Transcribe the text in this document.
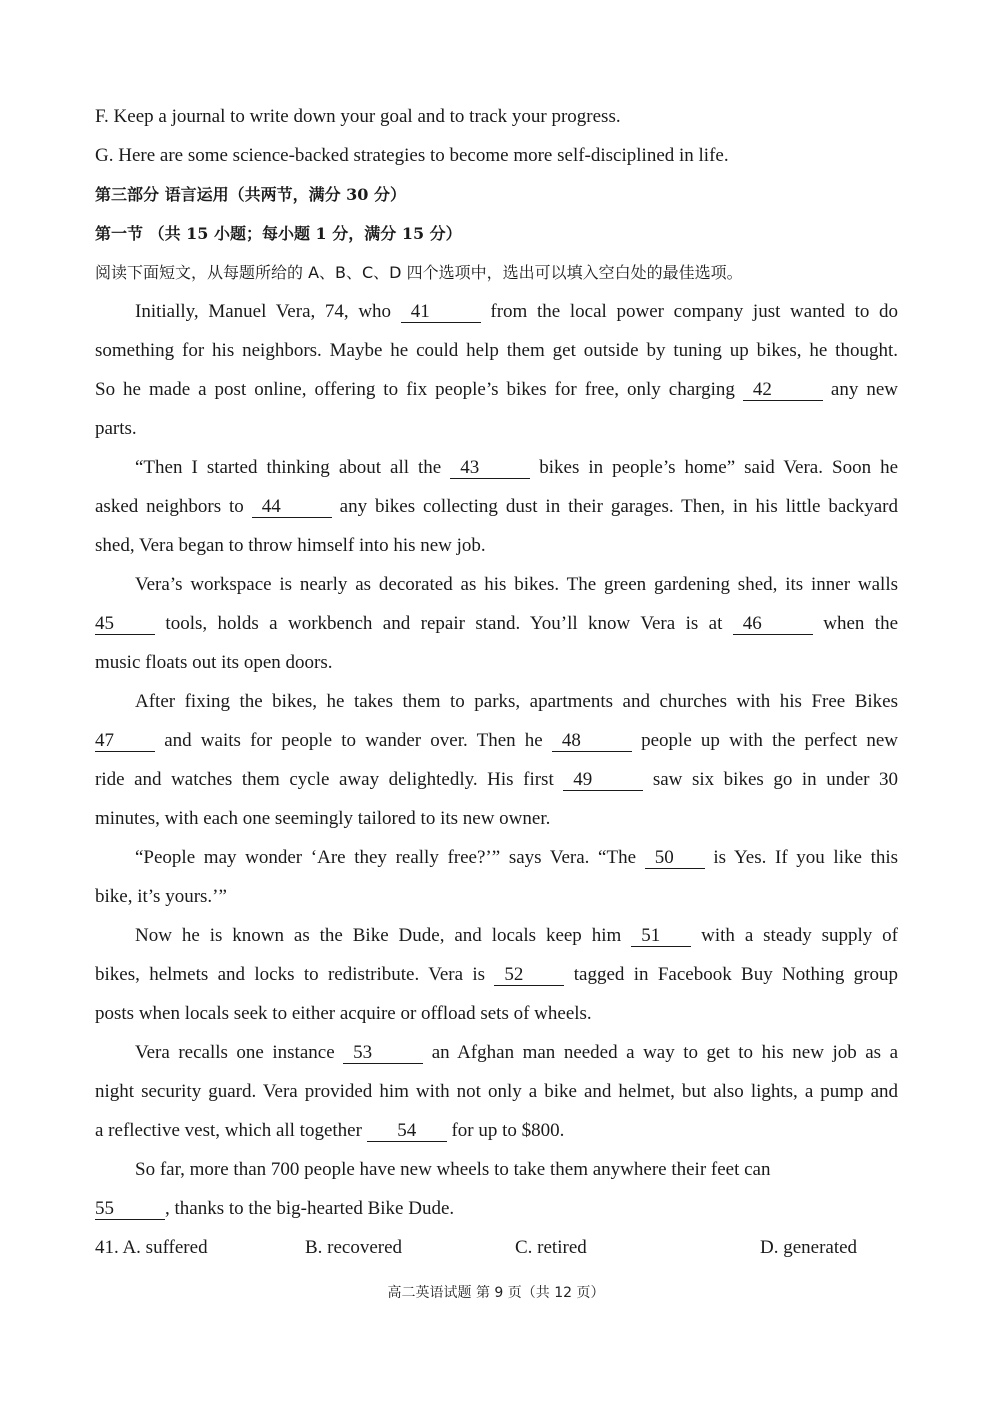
F. Keep a journal to write down your goal and to track your progress.
G. Here are some science-backed strategies to become more self-disciplined in life.
第三部分 语言运用（共两节，满分 30 分）
第一节 （共 15 小题；每小题 1 分，满分 15 分）
阅读下面短文，从每题所给的 A、B、C、D 四个选项中，选出可以填入空白处的最佳选项。
Initially, Manuel Vera, 74, who 41	from the local power company just wanted to do
something for his neighbors. Maybe he could help them get outside by tuning up bikes, he thought.
So he made a post online, offering to fix people’s bikes for free, only charging 42	any new
parts.
“Then I started thinking about all the 43	bikes in people’s home” said Vera. Soon he
asked neighbors to 44	any bikes collecting dust in their garages. Then, in his little backyard
shed, Vera began to throw himself into his new job.
Vera’s workspace is nearly as decorated as his bikes. The green gardening shed, its inner walls
45	tools, holds a workbench and repair stand. You’ll know Vera is at 46	when the
music floats out its open doors.
After fixing the bikes, he takes them to parks, apartments and churches with his Free Bikes
47	and waits for people to wander over. Then he 48	people up with the perfect new
ride and watches them cycle away delightedly. His first 49	saw six bikes go in under 30
minutes, with each one seemingly tailored to its new owner.
“People may wonder ‘Are they really free?’” says Vera. “The 50 is Yes. If you like this
bike, it’s yours.’”
Now he is known as the Bike Dude, and locals keep him 51 with a steady supply of
bikes, helmets and locks to redistribute. Vera is 52	tagged in Facebook Buy Nothing group
posts when locals seek to either acquire or offload sets of wheels.
Vera recalls one instance 53	an Afghan man needed a way to get to his new job as a
night security guard. Vera provided him with not only a bike and helmet, but also lights, a pump and
a reflective vest, which all together 54 for up to $800.
So far, more than 700 people have new wheels to take them anywhere their feet can
55	, thanks to the big-hearted Bike Dude.
41. A. suffered	B. recovered	C. retired	D. generated
高二英语试题 第 9 页（共 12 页）
